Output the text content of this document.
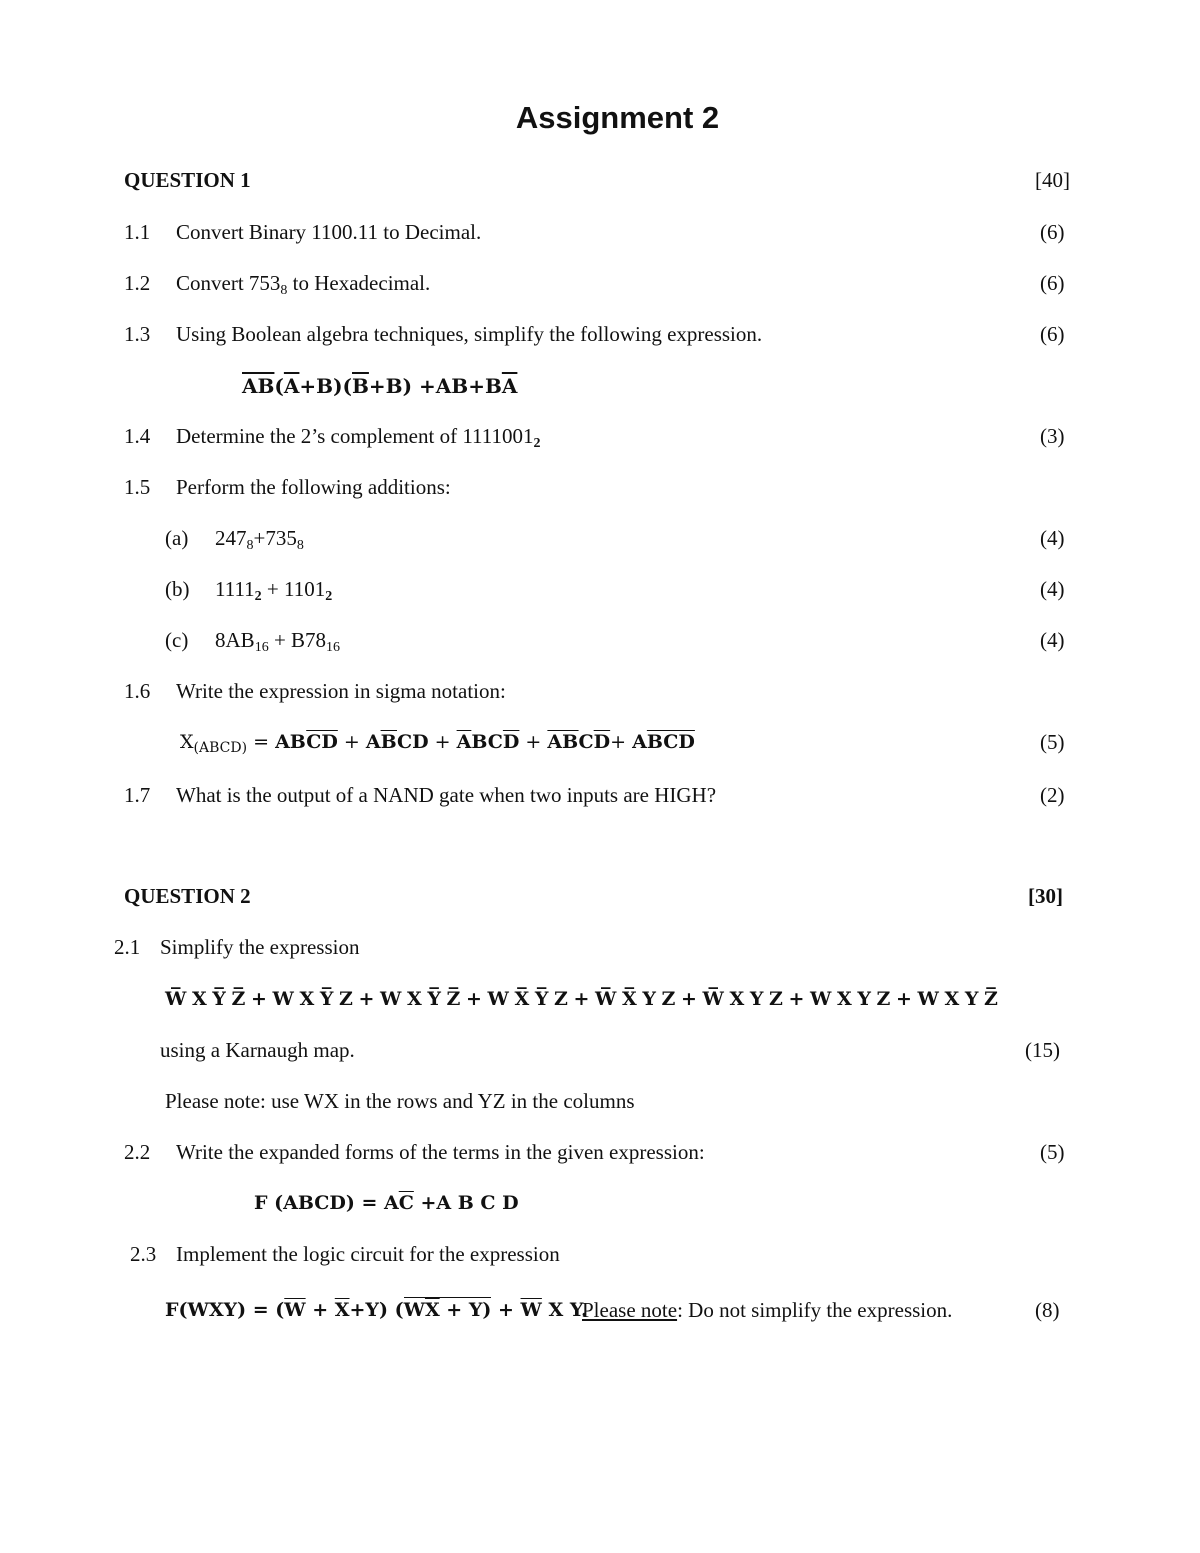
Assignment 2
QUESTION 1	[40]
1.1 Convert Binary 1100.11 to Decimal.	(6)
1.2 Convert $753_8$ to Hexadecimal.	(6)
1.3 Using Boolean algebra techniques, simplify the following expression.	(6)
$\overline{AB}(\overline{A}+B)(\overline{B}+B) +AB+B\overline{A}$
1.4 Determine the 2’s complement of $1111001_2$	(3)
1.5 Perform the following additions:
(a) $247_8+735_8$	(4)
(b) $1111_2 + 1101_2$	(4)
(c) $8AB_{16} + B78_{16}$	(4)
1.6 Write the expression in sigma notation:
$X_{(ABCD)} = AB\overline{CD} + A\overline{B}CD + \overline{A}BC\overline{D} + \overline{AB}C\overline{D}+ A\overline{BCD}$	(5)
1.7 What is the output of a NAND gate when two inputs are HIGH?	(2)
QUESTION 2	[30]
2.1 Simplify the expression
W̅ X Y̅ Z̅ + W X Y̅ Z + W X Y̅ Z̅ + W X̅ Y̅ Z + W̅ X̅ Y Z + W̅ X Y Z + W X Y Z + W X Y Z̅
using a Karnaugh map.	(15)
Please note: use WX in the rows and YZ in the columns
2.2 Write the expanded forms of the terms in the given expression:	(5)
F (ABCD) = $A\overline{C} +A$ B C D
2.3 Implement the logic circuit for the expression
$F(WXY) = (\overline{W} + \overline{X}+Y) (W\overline{X} + Y) + \overline{W}$ X Y.
Please note: Do not simplify the expression.	(8)
